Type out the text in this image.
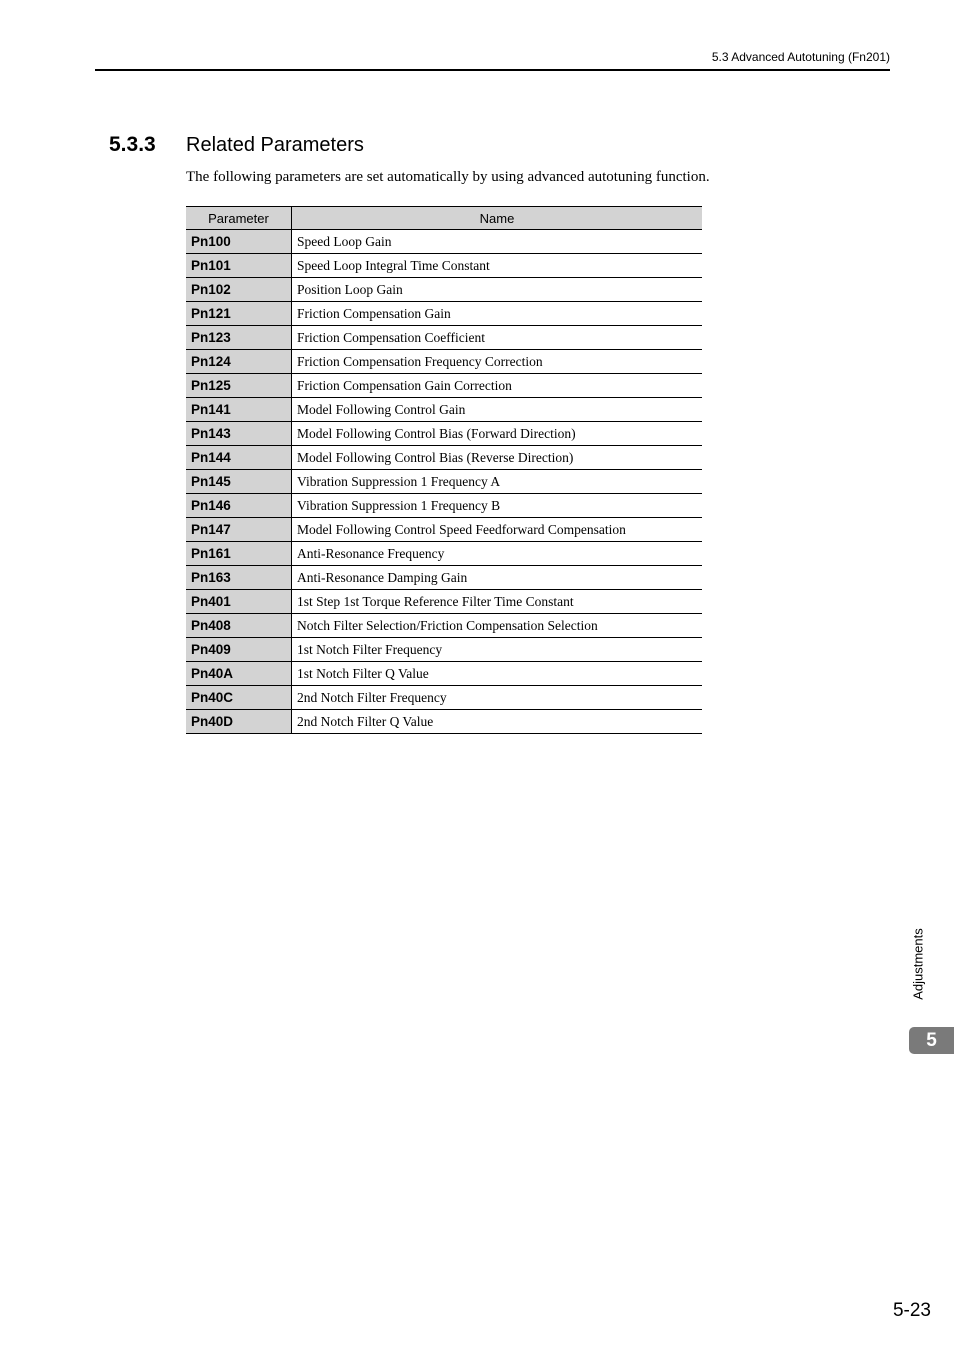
5.3 Advanced Autotuning (Fn201)
5.3.3 Related Parameters
The following parameters are set automatically by using advanced autotuning function.
Parameter	Name
Pn100	Speed Loop Gain
Pn101	Speed Loop Integral Time Constant
Pn102	Position Loop Gain
Pn121	Friction Compensation Gain
Pn123	Friction Compensation Coefficient
Pn124	Friction Compensation Frequency Correction
Pn125	Friction Compensation Gain Correction
Pn141	Model Following Control Gain
Pn143	Model Following Control Bias (Forward Direction)
Pn144	Model Following Control Bias (Reverse Direction)
Pn145	Vibration Suppression 1 Frequency A
Pn146	Vibration Suppression 1 Frequency B
Pn147	Model Following Control Speed Feedforward Compensation
Pn161	Anti-Resonance Frequency
Pn163	Anti-Resonance Damping Gain
Pn401	1st Step 1st Torque Reference Filter Time Constant
Pn408	Notch Filter Selection/Friction Compensation Selection
Pn409	1st Notch Filter Frequency
Pn40A	1st Notch Filter Q Value
Pn40C	2nd Notch Filter Frequency
Pn40D	2nd Notch Filter Q Value
Adjustments
5
5-23
